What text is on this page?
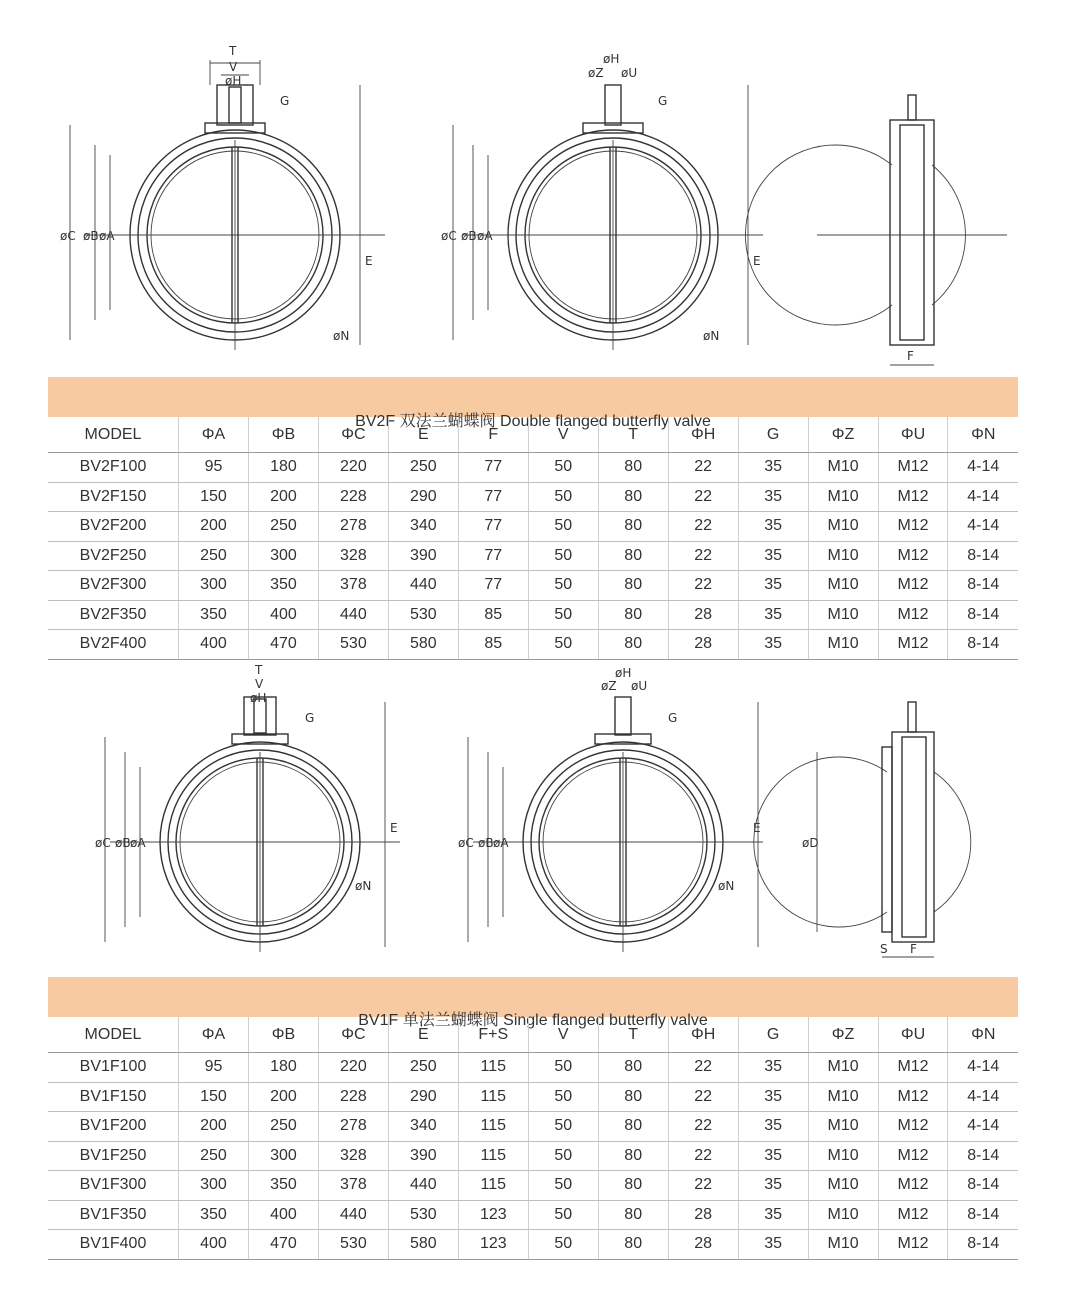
T
V
øH
G
øC øB øA
E
øN
øH
øZ øU
G
øC øB øA
E
øN
F
BV2F 双法兰蝴蝶阀 Double flanged butterfly valve
MODEL	ΦA	ΦB	ΦC	E	F	V	T	ΦH	G	ΦZ	ΦU	ΦN
BV2F100	95	180	220	250	77	50	80	22	35	M10	M12	4-14
BV2F150	150	200	228	290	77	50	80	22	35	M10	M12	4-14
BV2F200	200	250	278	340	77	50	80	22	35	M10	M12	4-14
BV2F250	250	300	328	390	77	50	80	22	35	M10	M12	8-14
BV2F300	300	350	378	440	77	50	80	22	35	M10	M12	8-14
BV2F350	350	400	440	530	85	50	80	28	35	M10	M12	8-14
BV2F400	400	470	530	580	85	50	80	28	35	M10	M12	8-14
T
V
øH
G
øC øB øA
E
øN
øH
øZ øU
G
øC øB øA
E
øN
øD
S F
BV1F 单法兰蝴蝶阀 Single flanged butterfly valve
MODEL	ΦA	ΦB	ΦC	E	F+S	V	T	ΦH	G	ΦZ	ΦU	ΦN
BV1F100	95	180	220	250	115	50	80	22	35	M10	M12	4-14
BV1F150	150	200	228	290	115	50	80	22	35	M10	M12	4-14
BV1F200	200	250	278	340	115	50	80	22	35	M10	M12	4-14
BV1F250	250	300	328	390	115	50	80	22	35	M10	M12	8-14
BV1F300	300	350	378	440	115	50	80	22	35	M10	M12	8-14
BV1F350	350	400	440	530	123	50	80	28	35	M10	M12	8-14
BV1F400	400	470	530	580	123	50	80	28	35	M10	M12	8-14
